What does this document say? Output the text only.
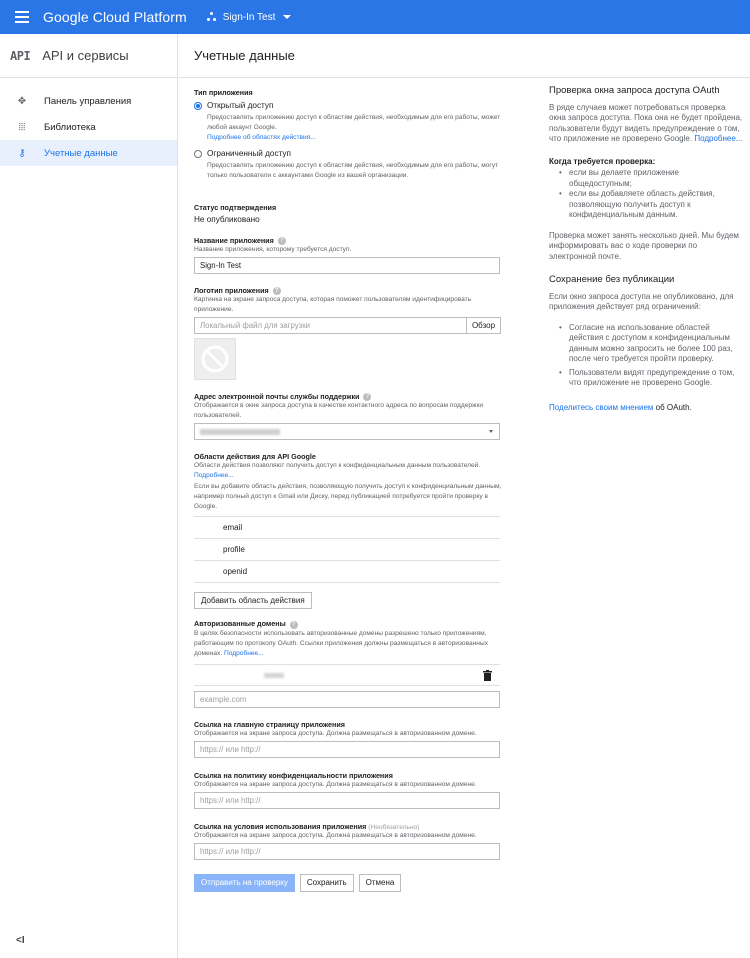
Google Cloud Platform	Sign-In Test
API API и сервисы
✥ Панель управления
⦙⦙⦙ Библиотека
⚷ Учетные данные
<I
Учетные данные
Тип приложения
Открытый доступ
Предоставлять приложению доступ к областям действия, необходимым для его работы, может любой аккаунт Google.
Подробнее об областях действия...
Ограниченный доступ
Предоставлять приложению доступ к областям действия, необходимым для его работы, могут только пользователи с аккаунтами Google из вашей организации.
Статус подтверждения
Не опубликовано
Название приложения ?
Название приложения, которому требуется доступ.
Sign-In Test
Логотип приложения ?
Картинка на экране запроса доступа, которая поможет пользователям идентифицировать приложение.
Локальный файл для загрузки	Обзор
Адрес электронной почты службы поддержки ?
Отображается в окне запроса доступа в качестве контактного адреса по вопросам поддержки пользователей.
Области действия для API Google
Области действия позволяют получить доступ к конфиденциальным данным пользователей. Подробнее...
Если вы добавите область действия, позволяющую получить доступ к конфиденциальным данным, например полный доступ к Gmail или Диску, перед публикацией потребуется пройти проверку в Google.
email
profile
openid
Добавить область действия
Авторизованные домены ?
В целях безопасности использовать авторизованные домены разрешено только приложениям, работающим по протоколу OAuth. Ссылки приложения должны размещаться в авторизованных доменах. Подробнее...
example.com
Ссылка на главную страницу приложения
Отображается на экране запроса доступа. Должна размещаться в авторизованном домене.
https:// или http://
Ссылка на политику конфиденциальности приложения
Отображается на экране запроса доступа. Должна размещаться в авторизованном домене.
https:// или http://
Ссылка на условия использования приложения (Необязательно)
Отображается на экране запроса доступа. Должна размещаться в авторизованном домене.
https:// или http://
Отправить на проверку	Сохранить	Отмена
Проверка окна запроса доступа OAuth
В ряде случаев может потребоваться проверка окна запроса доступа. Пока она не будет пройдена, пользователи будут видеть предупреждение о том, что приложение не проверено Google. Подробнее...
Когда требуется проверка:
• если вы делаете приложение общедоступным;
• если вы добавляете область действия, позволяющую получить доступ к конфиденциальным данным.
Проверка может занять несколько дней. Мы будем информировать вас о ходе проверки по электронной почте.
Сохранение без публикации
Если окно запроса доступа не опубликовано, для приложения действует ряд ограничений:
• Согласие на использование областей действия с доступом к конфиденциальным данным можно запросить не более 100 раз, после чего требуется пройти проверку.
• Пользователи видят предупреждение о том, что приложение не проверено Google.
Поделитесь своим мнением об OAuth.
